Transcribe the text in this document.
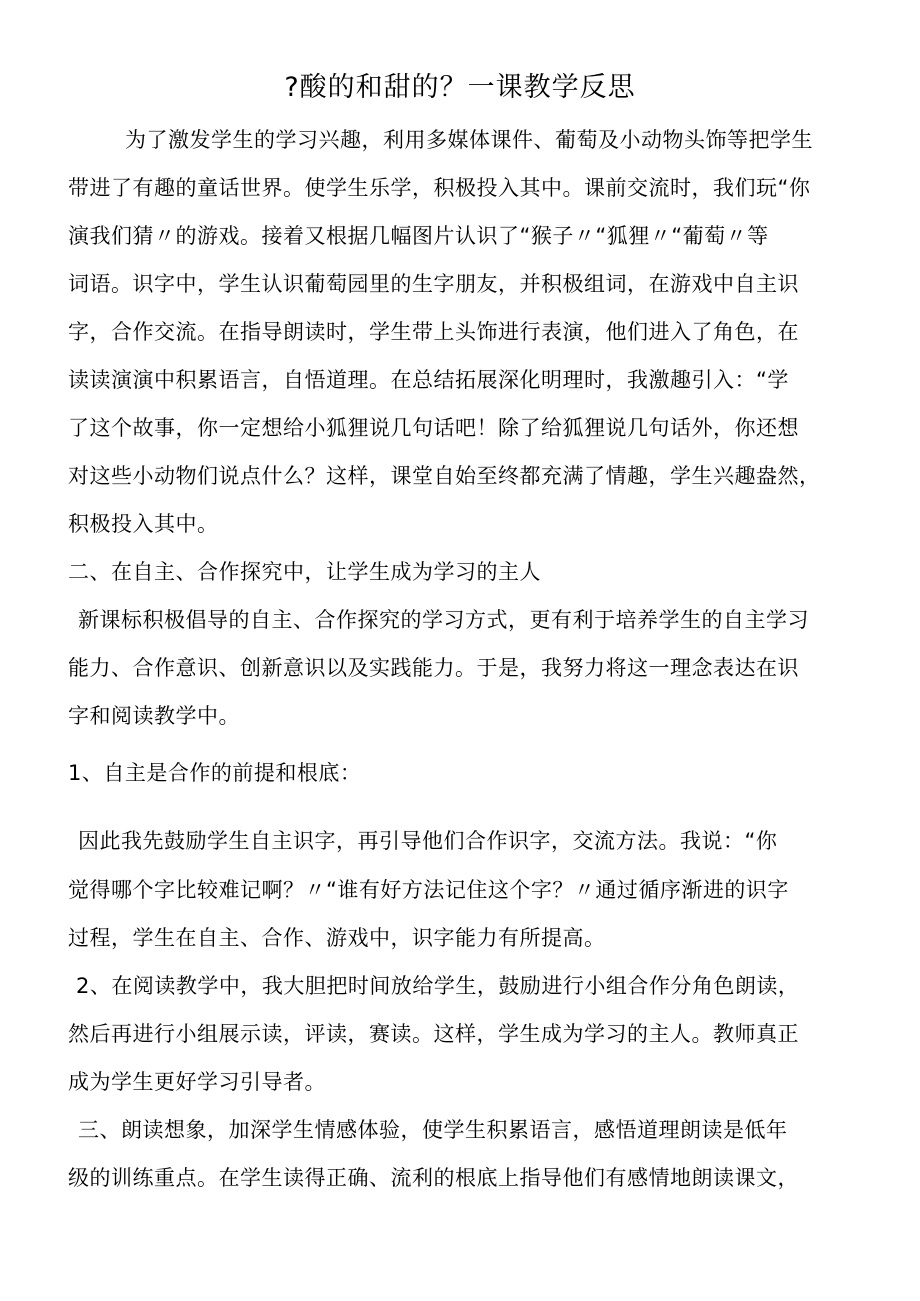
?酸的和甜的？一课教学反思
为了激发学生的学习兴趣，利用多媒体课件、葡萄及小动物头饰等把学生
带进了有趣的童话世界。使学生乐学，积极投入其中。课前交流时，我们玩“你
演我们猜〃的游戏。接着又根据几幅图片认识了“猴子〃“狐狸〃“葡萄〃等
词语。识字中，学生认识葡萄园里的生字朋友，并积极组词，在游戏中自主识
字，合作交流。在指导朗读时，学生带上头饰进行表演，他们进入了角色，在
读读演演中积累语言，自悟道理。在总结拓展深化明理时，我激趣引入：“学
了这个故事，你一定想给小狐狸说几句话吧！除了给狐狸说几句话外，你还想
对这些小动物们说点什么？这样，课堂自始至终都充满了情趣，学生兴趣盎然，
积极投入其中。
二、在自主、合作探究中，让学生成为学习的主人
新课标积极倡导的自主、合作探究的学习方式，更有利于培养学生的自主学习
能力、合作意识、创新意识以及实践能力。于是，我努力将这一理念表达在识
字和阅读教学中。
1、自主是合作的前提和根底：
因此我先鼓励学生自主识字，再引导他们合作识字，交流方法。我说：“你
觉得哪个字比较难记啊？〃“谁有好方法记住这个字？〃通过循序渐进的识字
过程，学生在自主、合作、游戏中，识字能力有所提高。
2、在阅读教学中，我大胆把时间放给学生，鼓励进行小组合作分角色朗读，
然后再进行小组展示读，评读，赛读。这样，学生成为学习的主人。教师真正
成为学生更好学习引导者。
三、朗读想象，加深学生情感体验，使学生积累语言，感悟道理朗读是低年
级的训练重点。在学生读得正确、流利的根底上指导他们有感情地朗读课文，
